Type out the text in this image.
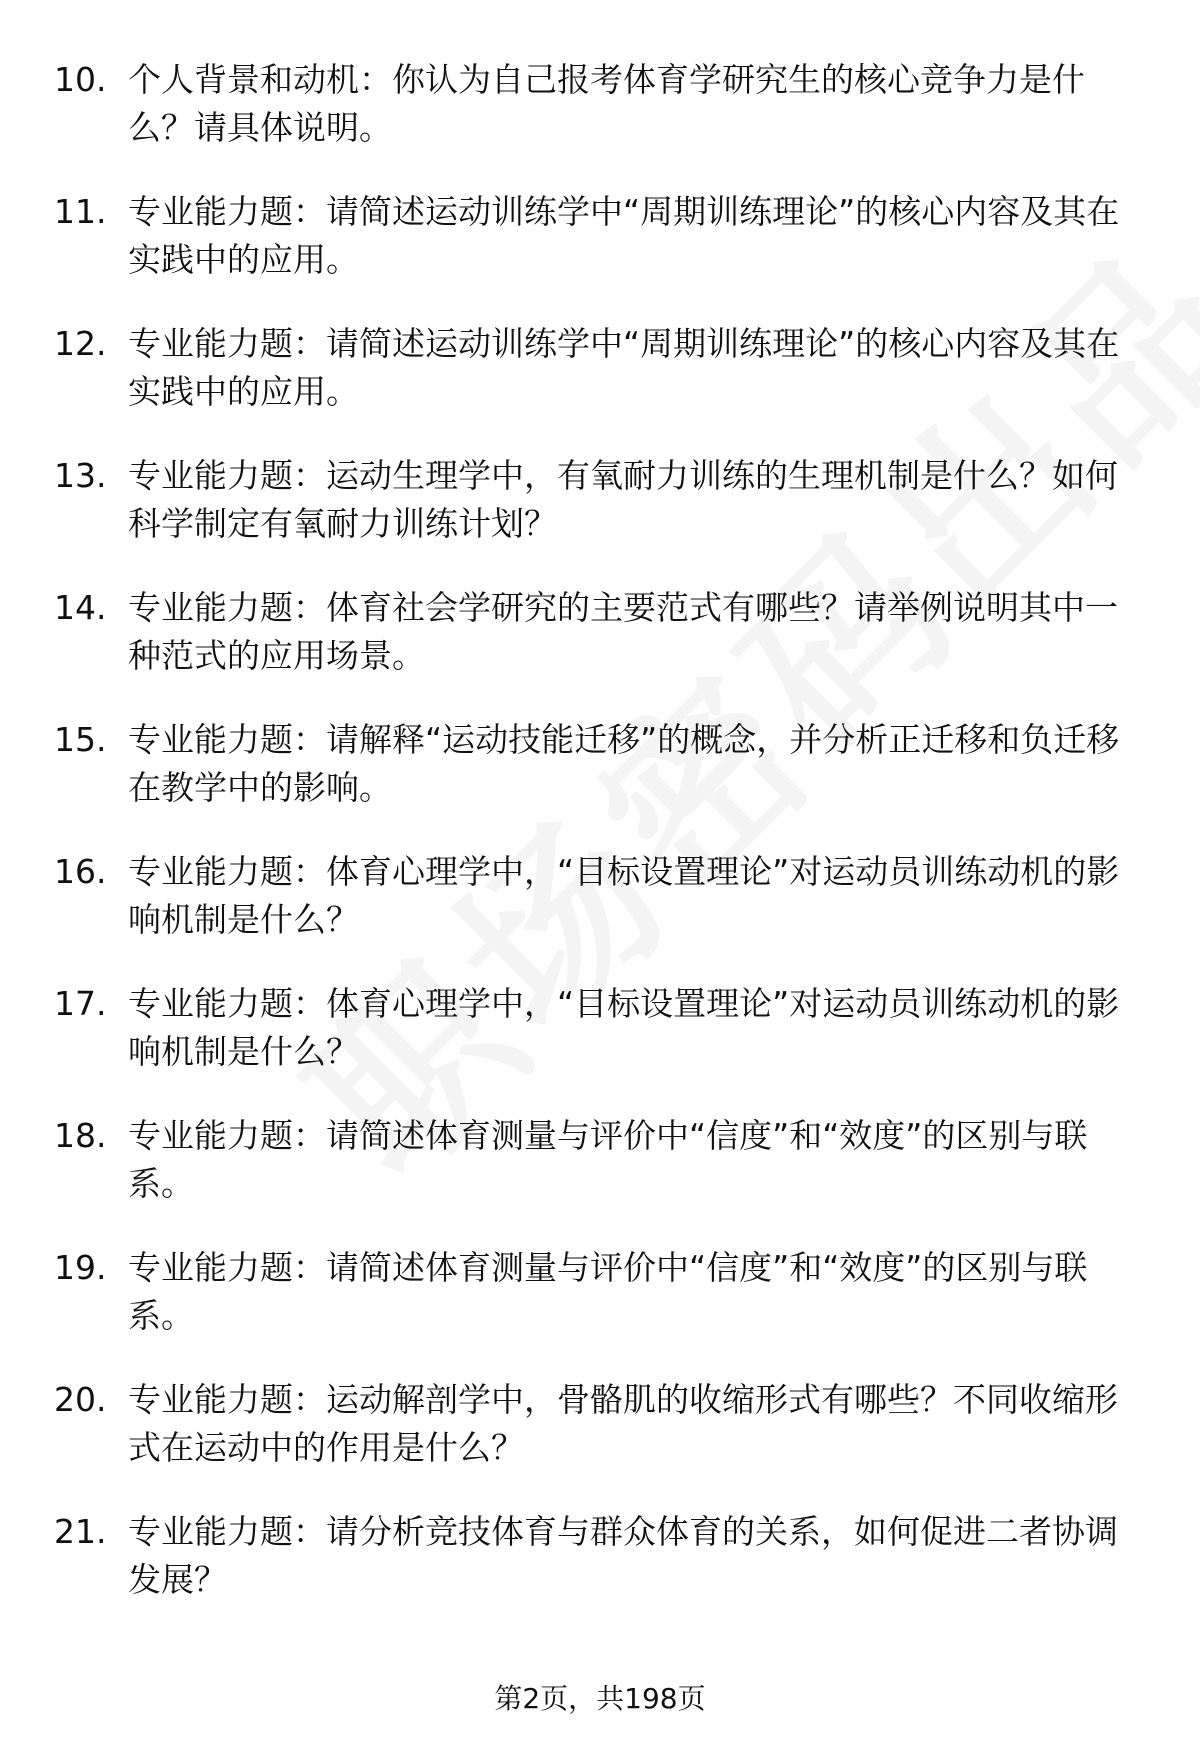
10. 个人背景和动机：你认为自己报考体育学研究生的核心竞争力是什么？请具体说明。
11. 专业能力题：请简述运动训练学中“周期训练理论”的核心内容及其在实践中的应用。
12. 专业能力题：请简述运动训练学中“周期训练理论”的核心内容及其在实践中的应用。
13. 专业能力题：运动生理学中，有氧耐力训练的生理机制是什么？如何科学制定有氧耐力训练计划？
14. 专业能力题：体育社会学研究的主要范式有哪些？请举例说明其中一种范式的应用场景。
15. 专业能力题：请解释“运动技能迁移”的概念，并分析正迁移和负迁移在教学中的影响。
16. 专业能力题：体育心理学中，“目标设置理论”对运动员训练动机的影响机制是什么？
17. 专业能力题：体育心理学中，“目标设置理论”对运动员训练动机的影响机制是什么？
18. 专业能力题：请简述体育测量与评价中“信度”和“效度”的区别与联系。
19. 专业能力题：请简述体育测量与评价中“信度”和“效度”的区别与联系。
20. 专业能力题：运动解剖学中，骨骼肌的收缩形式有哪些？不同收缩形式在运动中的作用是什么？
21. 专业能力题：请分析竞技体育与群众体育的关系，如何促进二者协调发展？
第2页，共198页
